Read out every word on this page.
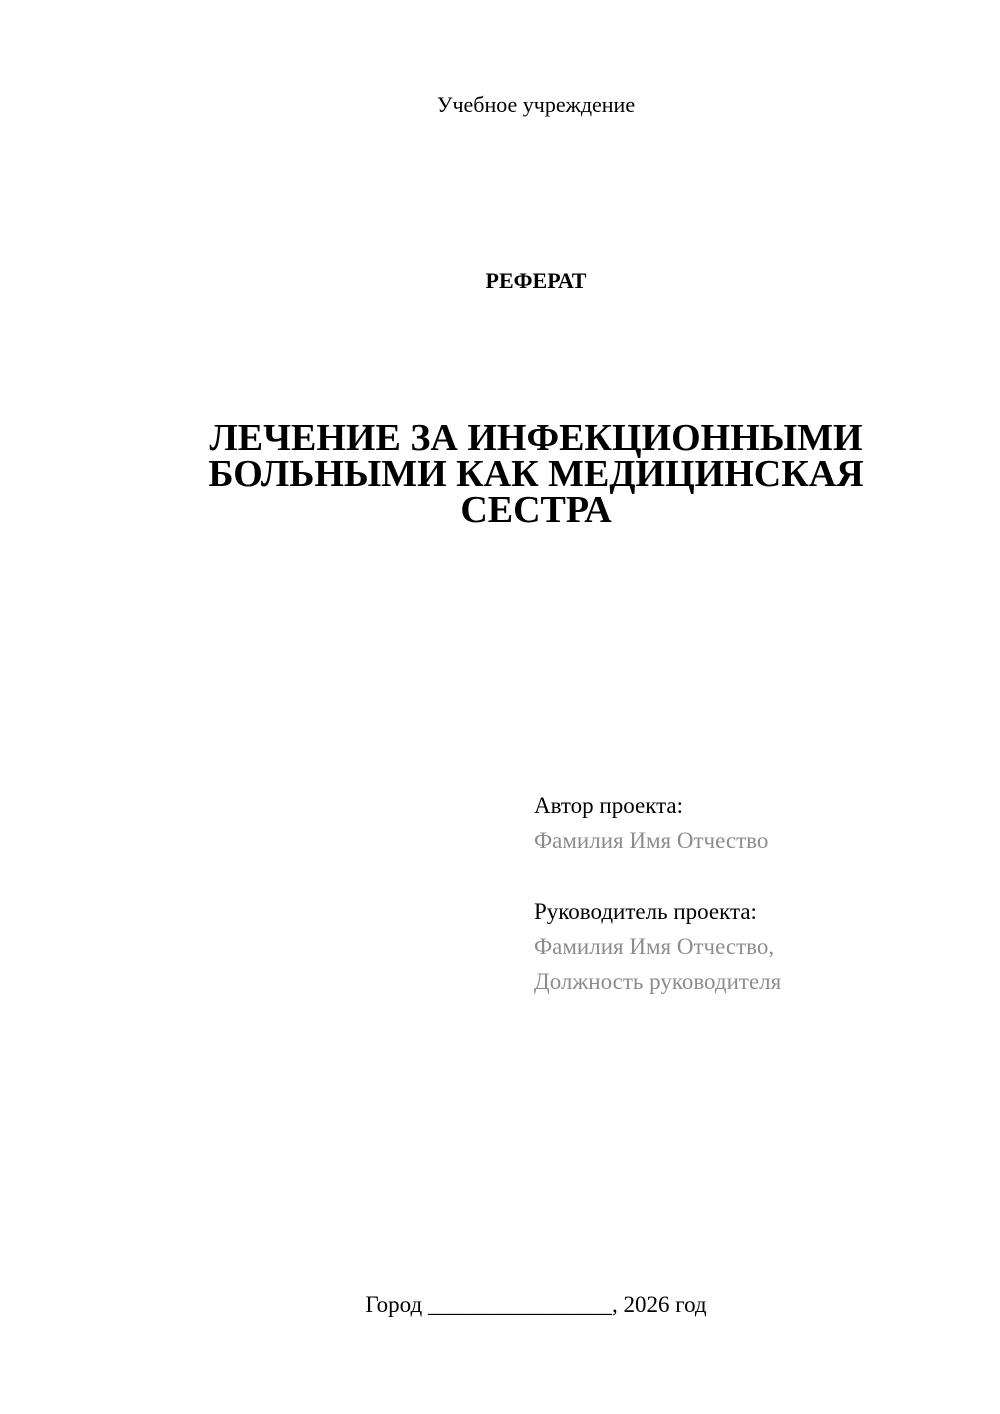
Учебное учреждение
РЕФЕРАТ
ЛЕЧЕНИЕ ЗА ИНФЕКЦИОННЫМИ
БОЛЬНЫМИ КАК МЕДИЦИНСКАЯ
СЕСТРА
Автор проекта:
Фамилия Имя Отчество
Руководитель проекта:
Фамилия Имя Отчество,
Должность руководителя
Город ________________, 2026 год
